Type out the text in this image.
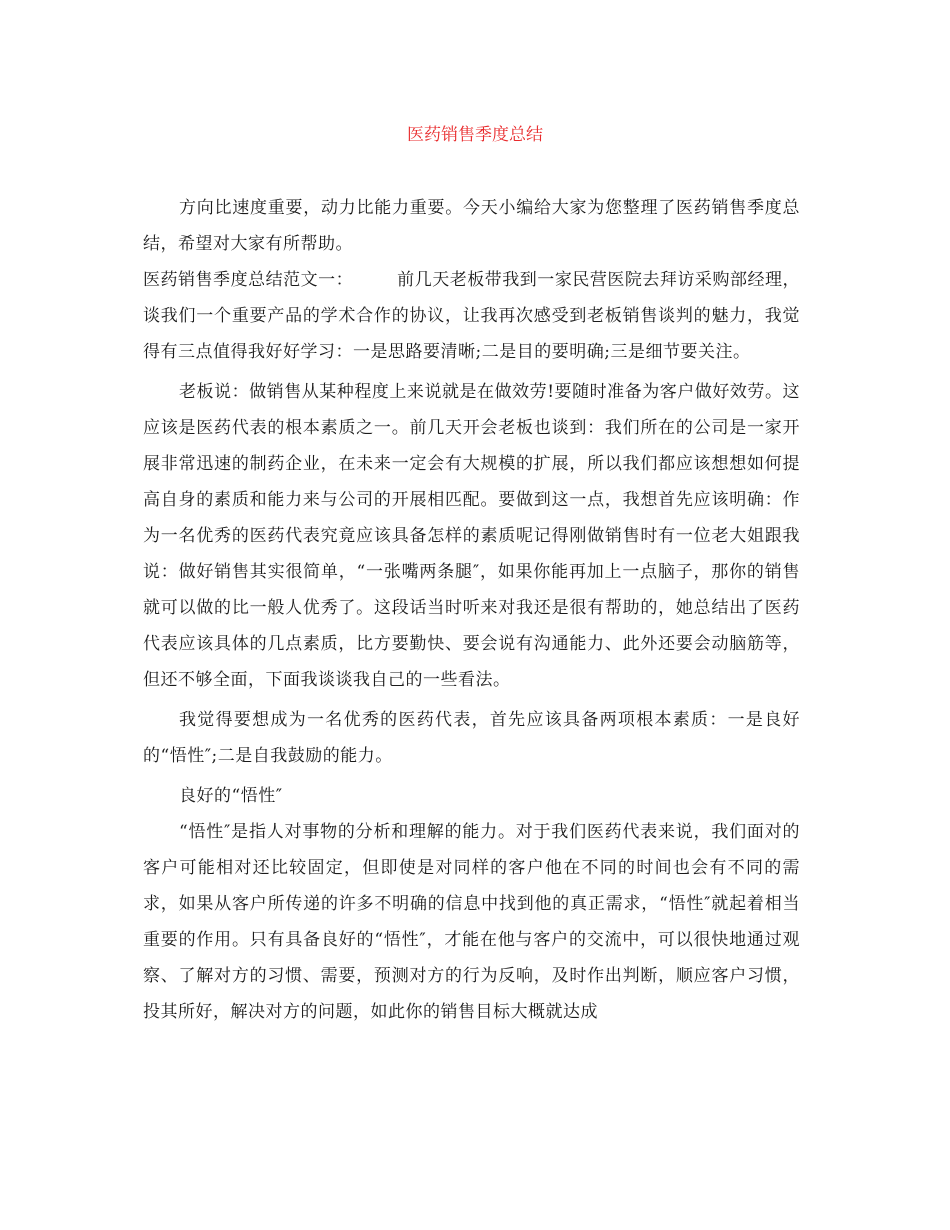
医药销售季度总结

方向比速度重要，动力比能力重要。今天小编给大家为您整理了医药销售季度总结，希望对大家有所帮助。

医药销售季度总结范文一：	前几天老板带我到一家民营医院去拜访采购部经理，谈我们一个重要产品的学术合作的协议，让我再次感受到老板销售谈判的魅力，我觉得有三点值得我好好学习：一是思路要清晰;二是目的要明确;三是细节要关注。

老板说：做销售从某种程度上来说就是在做效劳!要随时准备为客户做好效劳。这应该是医药代表的根本素质之一。前几天开会老板也谈到：我们所在的公司是一家开展非常迅速的制药企业，在未来一定会有大规模的扩展，所以我们都应该想想如何提高自身的素质和能力来与公司的开展相匹配。要做到这一点，我想首先应该明确：作为一名优秀的医药代表究竟应该具备怎样的素质呢记得刚做销售时有一位老大姐跟我说：做好销售其实很简单，“一张嘴两条腿″，如果你能再加上一点脑子，那你的销售就可以做的比一般人优秀了。这段话当时听来对我还是很有帮助的，她总结出了医药代表应该具体的几点素质，比方要勤快、要会说有沟通能力、此外还要会动脑筋等，但还不够全面，下面我谈谈我自己的一些看法。

我觉得要想成为一名优秀的医药代表，首先应该具备两项根本素质：一是良好的“悟性″;二是自我鼓励的能力。

良好的“悟性″

“悟性″是指人对事物的分析和理解的能力。对于我们医药代表来说，我们面对的客户可能相对还比较固定，但即使是对同样的客户他在不同的时间也会有不同的需求，如果从客户所传递的许多不明确的信息中找到他的真正需求，“悟性″就起着相当重要的作用。只有具备良好的“悟性″，才能在他与客户的交流中，可以很快地通过观察、了解对方的习惯、需要，预测对方的行为反响，及时作出判断，顺应客户习惯，投其所好，解决对方的问题，如此你的销售目标大概就达成
